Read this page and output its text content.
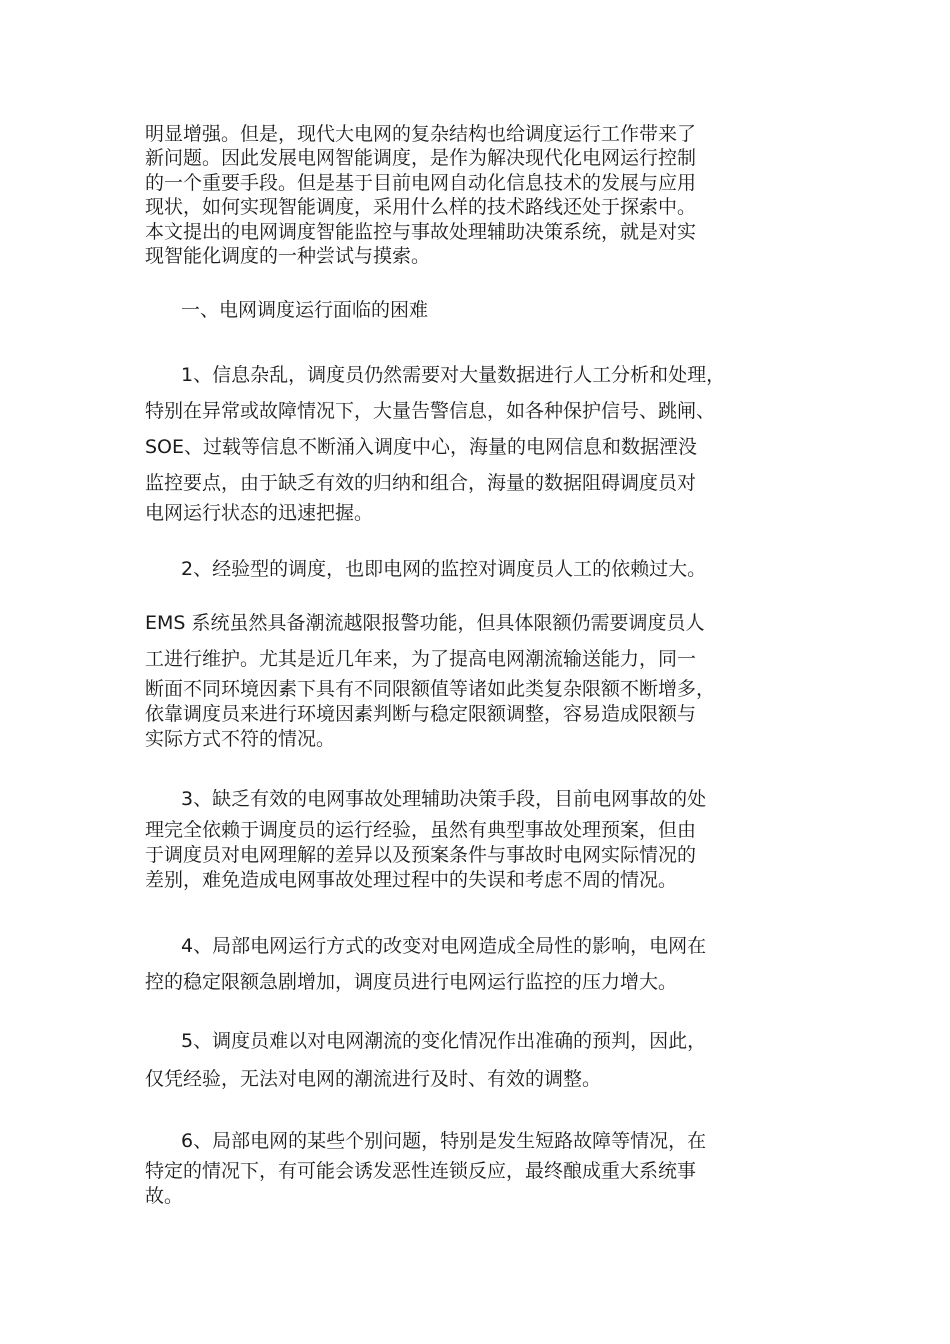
明显增强。但是，现代大电网的复杂结构也给调度运行工作带来了
新问题。因此发展电网智能调度，是作为解决现代化电网运行控制
的一个重要手段。但是基于目前电网自动化信息技术的发展与应用
现状，如何实现智能调度，采用什么样的技术路线还处于探索中。
本文提出的电网调度智能监控与事故处理辅助决策系统，就是对实
现智能化调度的一种尝试与摸索。
一、电网调度运行面临的困难
1、信息杂乱，调度员仍然需要对大量数据进行人工分析和处理，
特别在异常或故障情况下，大量告警信息，如各种保护信号、跳闸、
SOE、过载等信息不断涌入调度中心，海量的电网信息和数据湮没
监控要点，由于缺乏有效的归纳和组合，海量的数据阻碍调度员对
电网运行状态的迅速把握。
2、经验型的调度，也即电网的监控对调度员人工的依赖过大。
EMS 系统虽然具备潮流越限报警功能，但具体限额仍需要调度员人
工进行维护。尤其是近几年来，为了提高电网潮流输送能力，同一
断面不同环境因素下具有不同限额值等诸如此类复杂限额不断增多，
依靠调度员来进行环境因素判断与稳定限额调整，容易造成限额与
实际方式不符的情况。
3、缺乏有效的电网事故处理辅助决策手段，目前电网事故的处
理完全依赖于调度员的运行经验，虽然有典型事故处理预案，但由
于调度员对电网理解的差异以及预案条件与事故时电网实际情况的
差别，难免造成电网事故处理过程中的失误和考虑不周的情况。
4、局部电网运行方式的改变对电网造成全局性的影响，电网在
控的稳定限额急剧增加，调度员进行电网运行监控的压力增大。
5、调度员难以对电网潮流的变化情况作出准确的预判，因此，
仅凭经验，无法对电网的潮流进行及时、有效的调整。
6、局部电网的某些个别问题，特别是发生短路故障等情况，在
特定的情况下，有可能会诱发恶性连锁反应，最终酿成重大系统事
故。
